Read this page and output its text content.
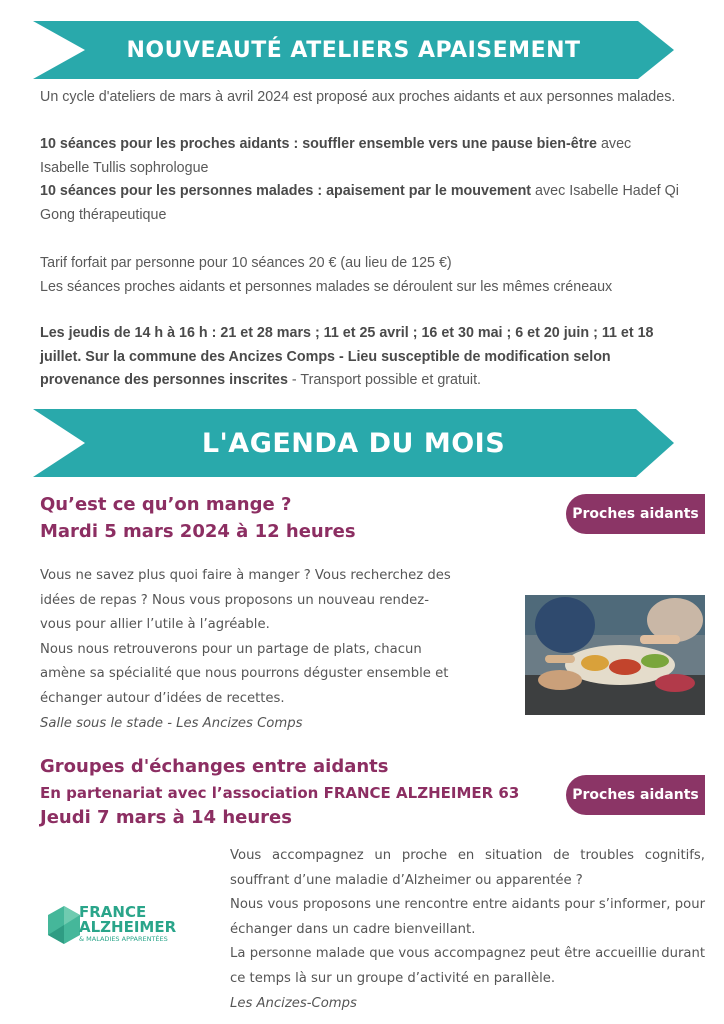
NOUVEAUTÉ ATELIERS APAISEMENT

Un cycle d'ateliers de mars à avril 2024 est proposé aux proches aidants et aux personnes malades.

10 séances pour les proches aidants : souffler ensemble vers une pause bien-être avec Isabelle Tullis sophrologue

10 séances pour les personnes malades : apaisement par le mouvement avec Isabelle Hadef Qi Gong thérapeutique

Tarif forfait par personne pour 10 séances 20 € (au lieu de 125 €)

Les séances proches aidants et personnes malades se déroulent sur les mêmes créneaux

Les jeudis de 14 h à 16 h : 21 et 28 mars ; 11 et 25 avril ; 16 et 30 mai ; 6 et 20 juin ; 11 et 18 juillet. Sur la commune des Ancizes Comps - Lieu susceptible de modification selon provenance des personnes inscrites - Transport possible et gratuit.

L'AGENDA DU MOIS

Qu’est ce qu’on mange ?

Mardi 5 mars 2024 à 12 heures

Proches aidants
Vous ne savez plus quoi faire à manger ? Vous recherchez des
idées de repas ? Nous vous proposons un nouveau rendez-
vous pour allier l’utile à l’agréable.
Nous nous retrouverons pour un partage de plats, chacun
amène sa spécialité que nous pourrons déguster ensemble et
échanger autour d’idées de recettes.
Salle sous le stade - Les Ancizes Comps

Groupes d'échanges entre aidants

En partenariat avec l’association FRANCE ALZHEIMER 63

Jeudi 7 mars à 14 heures

Proches aidants
Vous accompagnez un proche en situation de troubles cognitifs, souffrant d’une maladie d’Alzheimer ou apparentée ?
Nous vous proposons une rencontre entre aidants pour s’informer, pour échanger dans un cadre bienveillant.
La personne malade que vous accompagnez peut être accueillie durant ce temps là sur un groupe d’activité en parallèle.
Les Ancizes-Comps
FRANCE
ALZHEIMER
& MALADIES APPARENTÉES
